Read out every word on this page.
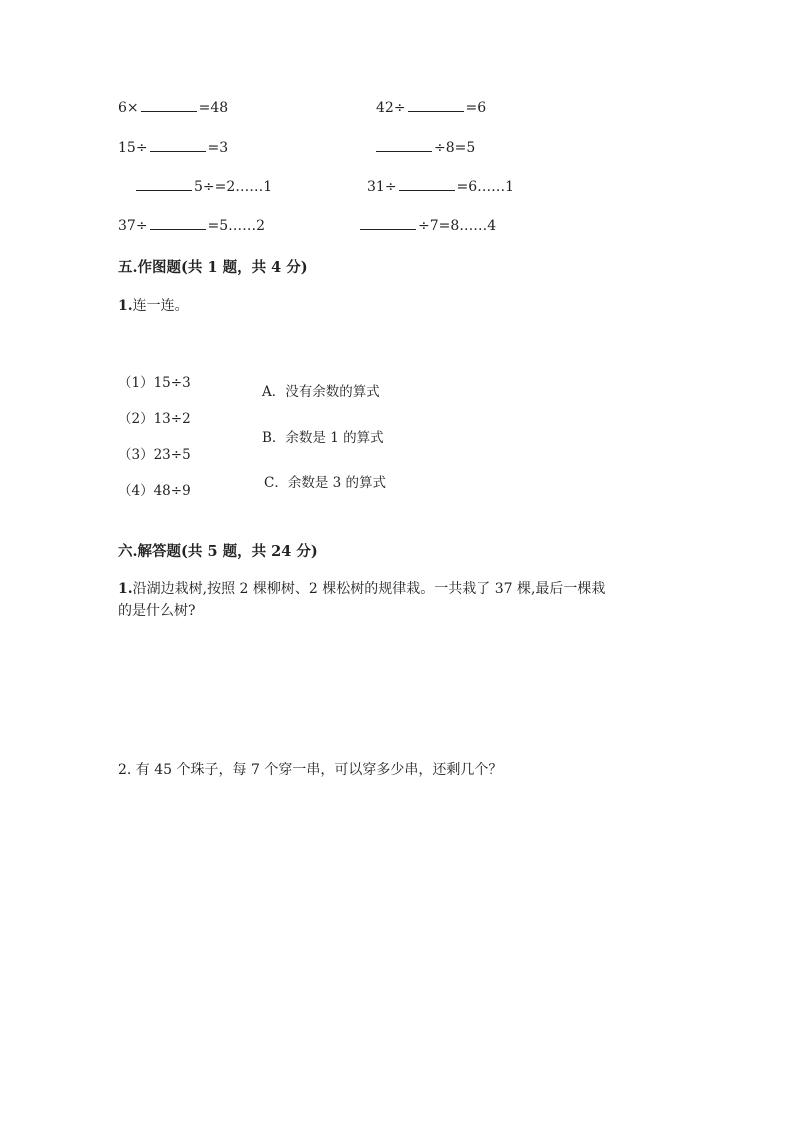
6×	=48	42÷	=6
15÷	=3	÷8=5
5÷=2……1	31÷	=6……1
37÷	=5……2	÷7=8……4
五.作图题(共 1 题，共 4 分)
1.连一连。
（1）15÷3
（2）13÷2
（3）23÷5
（4）48÷9
A．没有余数的算式
B．余数是 1 的算式
C．余数是 3 的算式
六.解答题(共 5 题，共 24 分)
1.沿湖边栽树,按照 2 棵柳树、2 棵松树的规律栽。一共栽了 37 棵,最后一棵栽
的是什么树?
2. 有 45 个珠子，每 7 个穿一串，可以穿多少串，还剩几个？
